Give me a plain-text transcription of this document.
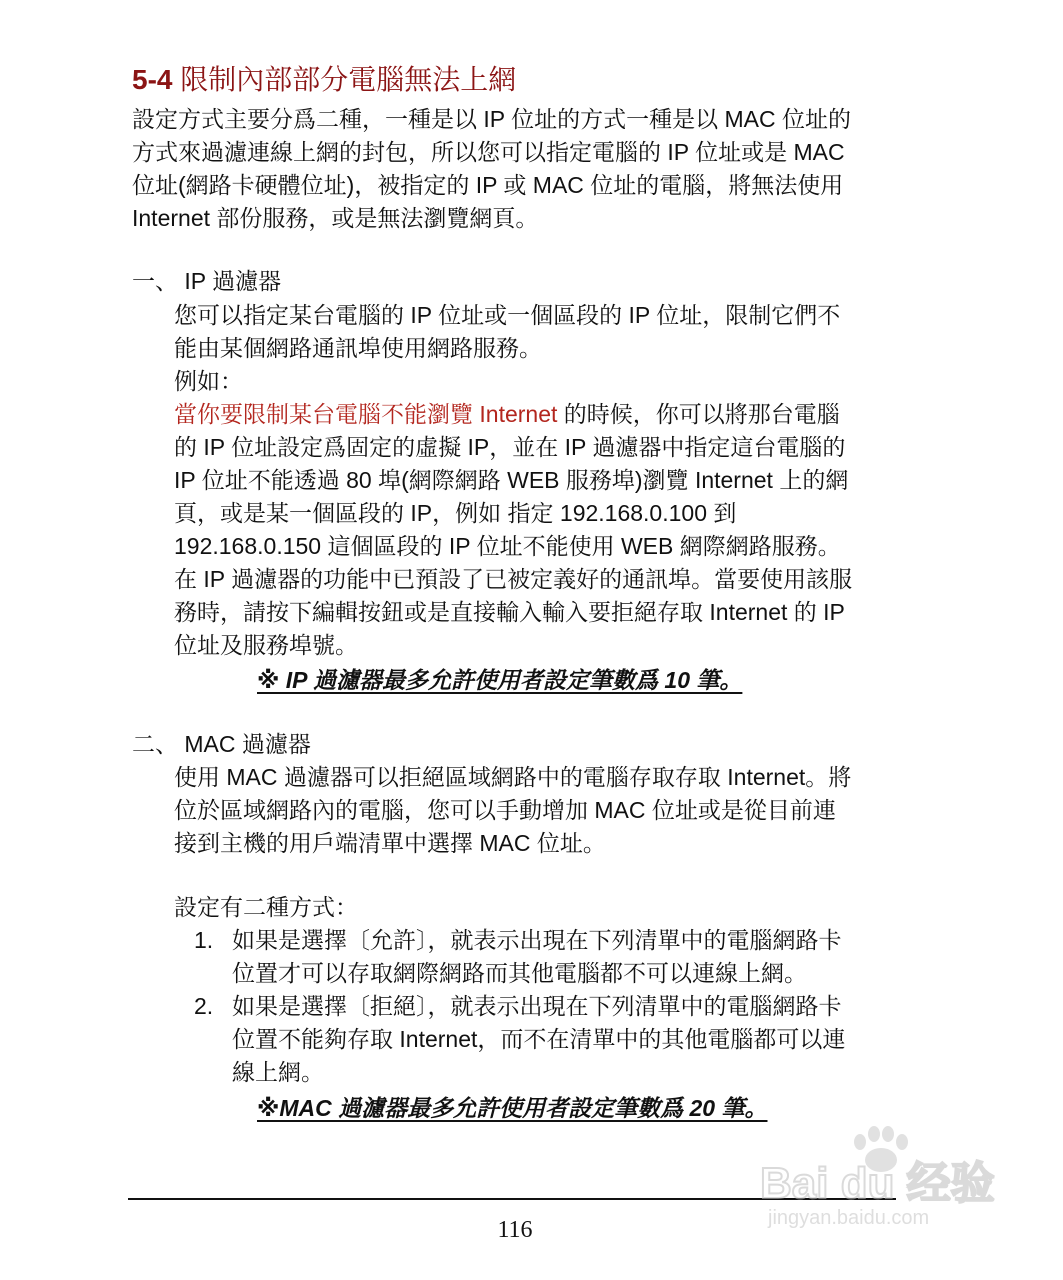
5-4 限制內部部分電腦無法上網
設定方式主要分爲二種，一種是以 IP 位址的方式一種是以 MAC 位址的
方式來過濾連線上網的封包，所以您可以指定電腦的 IP 位址或是 MAC
位址(網路卡硬體位址)，被指定的 IP 或 MAC 位址的電腦，將無法使用
Internet 部份服務，或是無法瀏覽網頁。
一、 IP 過濾器
您可以指定某台電腦的 IP 位址或一個區段的 IP 位址，限制它們不
能由某個網路通訊埠使用網路服務。
例如：
當你要限制某台電腦不能瀏覽 Internet 的時候，你可以將那台電腦
的 IP 位址設定爲固定的虛擬 IP，並在 IP 過濾器中指定這台電腦的
IP 位址不能透過 80 埠(網際網路 WEB 服務埠)瀏覽 Internet 上的網
頁，或是某一個區段的 IP，例如 指定 192.168.0.100 到
192.168.0.150 這個區段的 IP 位址不能使用 WEB 網際網路服務。
在 IP 過濾器的功能中已預設了已被定義好的通訊埠。當要使用該服
務時，請按下編輯按鈕或是直接輸入輸入要拒絕存取 Internet 的 IP
位址及服務埠號。
※ IP 過濾器最多允許使用者設定筆數爲 10 筆。
二、 MAC 過濾器
使用 MAC 過濾器可以拒絕區域網路中的電腦存取存取 Internet。將
位於區域網路內的電腦，您可以手動增加 MAC 位址或是從目前連
接到主機的用戶端清單中選擇 MAC 位址。
設定有二種方式：
1. 如果是選擇〔允許〕，就表示出現在下列清單中的電腦網路卡
位置才可以存取網際網路而其他電腦都不可以連線上網。
2. 如果是選擇〔拒絕〕，就表示出現在下列清單中的電腦網路卡
位置不能夠存取 Internet，而不在清單中的其他電腦都可以連
線上網。
※MAC 過濾器最多允許使用者設定筆數爲 20 筆。
116
Bai du 经验
jingyan.baidu.com
